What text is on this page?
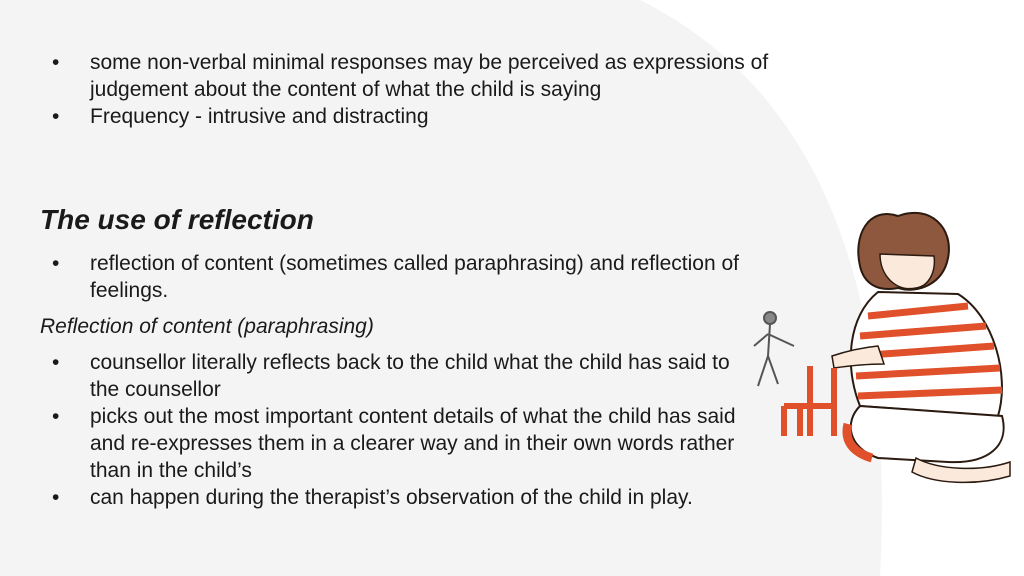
• some non-verbal minimal responses may be perceived as expressions of judgement about the content of what the child is saying
• Frequency - intrusive and distracting
The use of reflection
• reflection of content (sometimes called paraphrasing) and reflection of feelings.
Reflection of content (paraphrasing)
• counsellor literally reflects back to the child what the child has said to the counsellor
• picks out the most important content details of what the child has said and re-expresses them in a clearer way and in their own words rather than in the child’s
• can happen during the therapist’s observation of the child in play.
